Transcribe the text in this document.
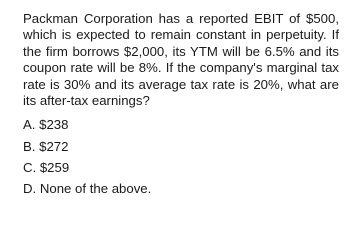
Packman Corporation has a reported EBIT of $500, which is expected to remain constant in perpetuity. If the firm borrows $2,000, its YTM will be 6.5% and its coupon rate will be 8%. If the company's marginal tax rate is 30% and its average tax rate is 20%, what are its after-tax earnings?

A. $238
B. $272
C. $259
D. None of the above.
